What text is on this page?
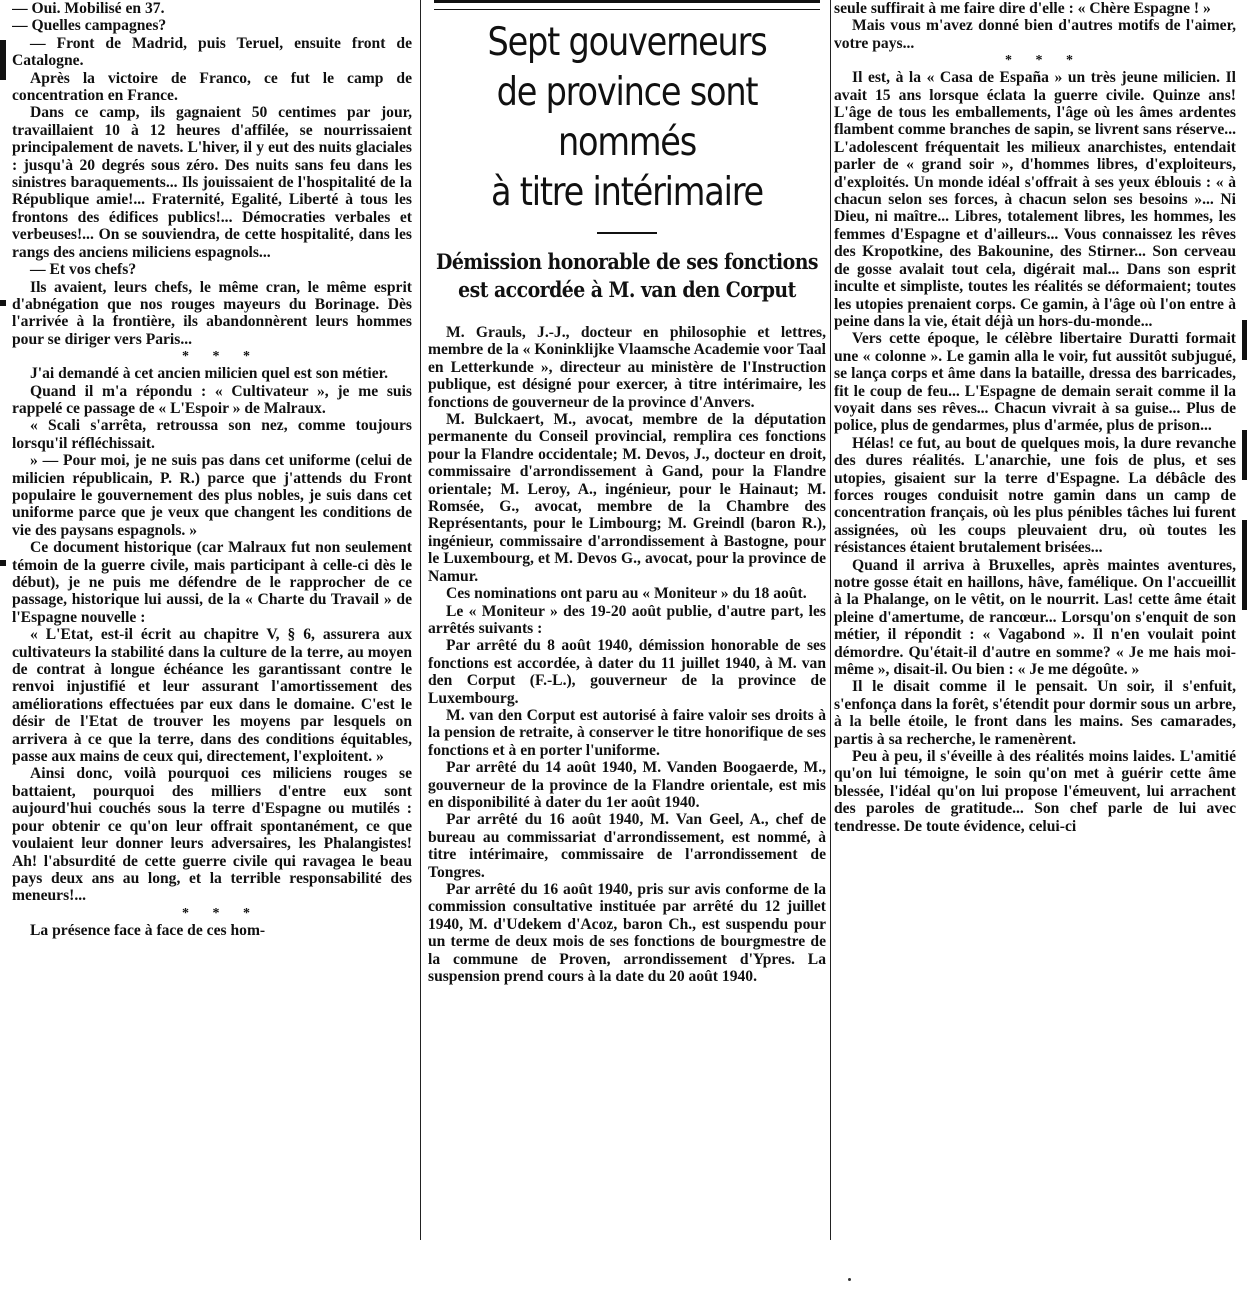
— Oui. Mobilisé en 37.

— Quelles campagnes?

— Front de Madrid, puis Teruel, ensuite front de Catalogne.

Après la victoire de Franco, ce fut le camp de concentration en France.

Dans ce camp, ils gagnaient 50 centimes par jour, travaillaient 10 à 12 heures d'affilée, se nourrissaient principalement de navets. L'hiver, il y eut des nuits glaciales : jusqu'à 20 degrés sous zéro. Des nuits sans feu dans les sinistres baraquements... Ils jouissaient de l'hospitalité de la République amie!... Fraternité, Egalité, Liberté à tous les frontons des édifices publics!... Démocraties verbales et verbeuses!... On se souviendra, de cette hospitalité, dans les rangs des anciens miliciens espagnols...

— Et vos chefs?

Ils avaient, leurs chefs, le même cran, le même esprit d'abnégation que nos rouges mayeurs du Borinage. Dès l'arrivée à la frontière, ils abandonnèrent leurs hommes pour se diriger vers Paris...

* * *

J'ai demandé à cet ancien milicien quel est son métier.

Quand il m'a répondu : « Cultivateur », je me suis rappelé ce passage de « L'Espoir » de Malraux.

« Scali s'arrêta, retroussa son nez, comme toujours lorsqu'il réfléchissait.

» — Pour moi, je ne suis pas dans cet uniforme (celui de milicien républicain, P. R.) parce que j'attends du Front populaire le gouvernement des plus nobles, je suis dans cet uniforme parce que je veux que changent les conditions de vie des paysans espagnols. »

Ce document historique (car Malraux fut non seulement témoin de la guerre civile, mais participant à celle-ci dès le début), je ne puis me défendre de le rapprocher de ce passage, historique lui aussi, de la « Charte du Travail » de l'Espagne nouvelle :

« L'Etat, est-il écrit au chapitre V, § 6, assurera aux cultivateurs la stabilité dans la culture de la terre, au moyen de contrat à longue échéance les garantissant contre le renvoi injustifié et leur assurant l'amortissement des améliorations effectuées par eux dans le domaine. C'est le désir de l'Etat de trouver les moyens par lesquels on arrivera à ce que la terre, dans des conditions équitables, passe aux mains de ceux qui, directement, l'exploitent. »

Ainsi donc, voilà pourquoi ces miliciens rouges se battaient, pourquoi des milliers d'entre eux sont aujourd'hui couchés sous la terre d'Espagne ou mutilés : pour obtenir ce qu'on leur offrait spontanément, ce que voulaient leur donner leurs adversaires, les Phalangistes! Ah! l'absurdité de cette guerre civile qui ravagea le beau pays deux ans au long, et la terrible responsabilité des meneurs!...

* * *

La présence face à face de ces hom-

Sept gouverneurs
de province sont nommés
à titre intérimaire
Démission honorable de ses fonctions
est accordée à M. van den Corput

M. Grauls, J.-J., docteur en philosophie et lettres, membre de la « Koninklijke Vlaamsche Academie voor Taal en Letterkunde », directeur au ministère de l'Instruction publique, est désigné pour exercer, à titre intérimaire, les fonctions de gouverneur de la province d'Anvers.

M. Bulckaert, M., avocat, membre de la députation permanente du Conseil provincial, remplira ces fonctions pour la Flandre occidentale; M. Devos, J., docteur en droit, commissaire d'arrondissement à Gand, pour la Flandre orientale; M. Leroy, A., ingénieur, pour le Hainaut; M. Romsée, G., avocat, membre de la Chambre des Représentants, pour le Limbourg; M. Greindl (baron R.), ingénieur, commissaire d'arrondissement à Bastogne, pour le Luxembourg, et M. Devos G., avocat, pour la province de Namur.

Ces nominations ont paru au « Moniteur » du 18 août.

Le « Moniteur » des 19-20 août publie, d'autre part, les arrêtés suivants :

Par arrêté du 8 août 1940, démission honorable de ses fonctions est accordée, à dater du 11 juillet 1940, à M. van den Corput (F.-L.), gouverneur de la province de Luxembourg.

M. van den Corput est autorisé à faire valoir ses droits à la pension de retraite, à conserver le titre honorifique de ses fonctions et à en porter l'uniforme.

Par arrêté du 14 août 1940, M. Vanden Boogaerde, M., gouverneur de la province de la Flandre orientale, est mis en disponibilité à dater du 1er août 1940.

Par arrêté du 16 août 1940, M. Van Geel, A., chef de bureau au commissariat d'arrondissement, est nommé, à titre intérimaire, commissaire de l'arrondissement de Tongres.

Par arrêté du 16 août 1940, pris sur avis conforme de la commission consultative instituée par arrêté du 12 juillet 1940, M. d'Udekem d'Acoz, baron Ch., est suspendu pour un terme de deux mois de ses fonctions de bourgmestre de la commune de Proven, arrondissement d'Ypres. La suspension prend cours à la date du 20 août 1940.

seule suffirait à me faire dire d'elle : « Chère Espagne ! »

Mais vous m'avez donné bien d'autres motifs de l'aimer, votre pays...

* * *

Il est, à la « Casa de España » un très jeune milicien. Il avait 15 ans lorsque éclata la guerre civile. Quinze ans! L'âge de tous les emballements, l'âge où les âmes ardentes flambent comme branches de sapin, se livrent sans réserve... L'adolescent fréquentait les milieux anarchistes, entendait parler de « grand soir », d'hommes libres, d'exploiteurs, d'exploités. Un monde idéal s'offrait à ses yeux éblouis : « à chacun selon ses forces, à chacun selon ses besoins »... Ni Dieu, ni maître... Libres, totalement libres, les hommes, les femmes d'Espagne et d'ailleurs... Vous connaissez les rêves des Kropotkine, des Bakounine, des Stirner... Son cerveau de gosse avalait tout cela, digérait mal... Dans son esprit inculte et simpliste, toutes les réalités se déformaient; toutes les utopies prenaient corps. Ce gamin, à l'âge où l'on entre à peine dans la vie, était déjà un hors-du-monde...

Vers cette époque, le célèbre libertaire Duratti formait une « colonne ». Le gamin alla le voir, fut aussitôt subjugué, se lança corps et âme dans la bataille, dressa des barricades, fit le coup de feu... L'Espagne de demain serait comme il la voyait dans ses rêves... Chacun vivrait à sa guise... Plus de police, plus de gendarmes, plus d'armée, plus de prison...

Hélas! ce fut, au bout de quelques mois, la dure revanche des dures réalités. L'anarchie, une fois de plus, et ses utopies, gisaient sur la terre d'Espagne. La débâcle des forces rouges conduisit notre gamin dans un camp de concentration français, où les plus pénibles tâches lui furent assignées, où les coups pleuvaient dru, où toutes les résistances étaient brutalement brisées...

Quand il arriva à Bruxelles, après maintes aventures, notre gosse était en haillons, hâve, famélique. On l'accueillit à la Phalange, on le vêtit, on le nourrit. Las! cette âme était pleine d'amertume, de rancœur... Lorsqu'on s'enquit de son métier, il répondit : « Vagabond ». Il n'en voulait point démordre. Qu'était-il d'autre en somme? « Je me hais moi-même », disait-il. Ou bien : « Je me dégoûte. »

Il le disait comme il le pensait. Un soir, il s'enfuit, s'enfonça dans la forêt, s'étendit pour dormir sous un arbre, à la belle étoile, le front dans les mains. Ses camarades, partis à sa recherche, le ramenèrent.

Peu à peu, il s'éveille à des réalités moins laides. L'amitié qu'on lui témoigne, le soin qu'on met à guérir cette âme blessée, l'idéal qu'on lui propose l'émeuvent, lui arrachent des paroles de gratitude... Son chef parle de lui avec tendresse. De toute évidence, celui-ci
